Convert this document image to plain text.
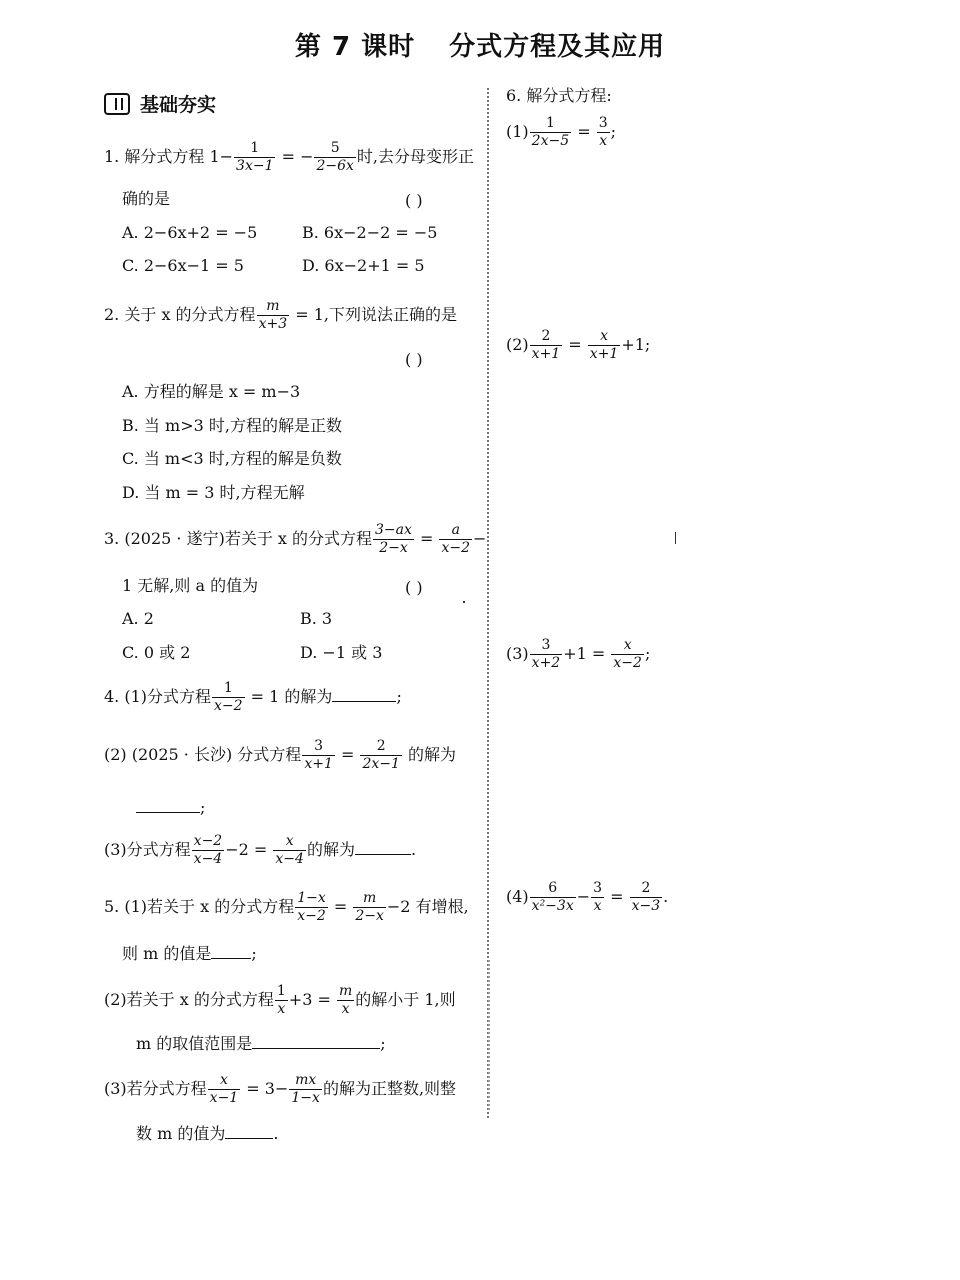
第 7 课时 分式方程及其应用
基础夯实
1. 解分式方程 $1- \frac{1}{3x-1}$ = − $\frac{5}{2-6x}$ 时,去分母变形正
确的是	( )
A. 2−6x+2 = −5	B. 6x−2−2 = −5
C. 2−6x−1 = 5	D. 6x−2+1 = 5
2. 关于 x 的分式方程 $\frac{m}{x+3} = 1$,下列说法正确的是
( )
A. 方程的解是 x = m−3
B. 当 m>3 时,方程的解是正数
C. 当 m<3 时,方程的解是负数
D. 当 m = 3 时,方程无解
3. (2025 · 遂宁)若关于 x 的分式方程 $\frac{3-ax}{2-x} = \frac{a}{x-2}$ −
1 无解,则 a 的值为	( )
A. 2	B. 3
C. 0 或 2	D. −1 或 3
4. (1)分式方程 $\frac{1}{x-2} = 1$ 的解为	;
(2) (2025 · 长沙) 分式方程 $\frac{3}{x+1} = \frac{2}{2x-1}$ 的解为
;
(3)分式方程 $\frac{x-2}{x-4} -2 = \frac{x}{x-4}$ 的解为	.
5. (1)若关于 x 的分式方程 $\frac{1-x}{x-2} = \frac{m}{2-x} -2$ 有增根,
则 m 的值是	;
(2)若关于 x 的分式方程 $\frac{1}{x} +3 = \frac{m}{x}$ 的解小于 1,则
m 的取值范围是	;
(3)若分式方程 $\frac{x}{x-1} = 3- \frac{mx}{1-x}$ 的解为正整数,则整
数 m 的值为	.
6. 解分式方程:
$(1) \frac{1}{2x-5} = \frac{3}{x}$ ;
$(2) \frac{2}{x+1} = \frac{x}{x+1} +1$;
$(3) \frac{3}{x+2} +1 = \frac{x}{x-2}$ ;
$(4) \frac{6}{\text{x²−3x}} - \frac{3}{x} = \frac{2}{x-3}$ .
